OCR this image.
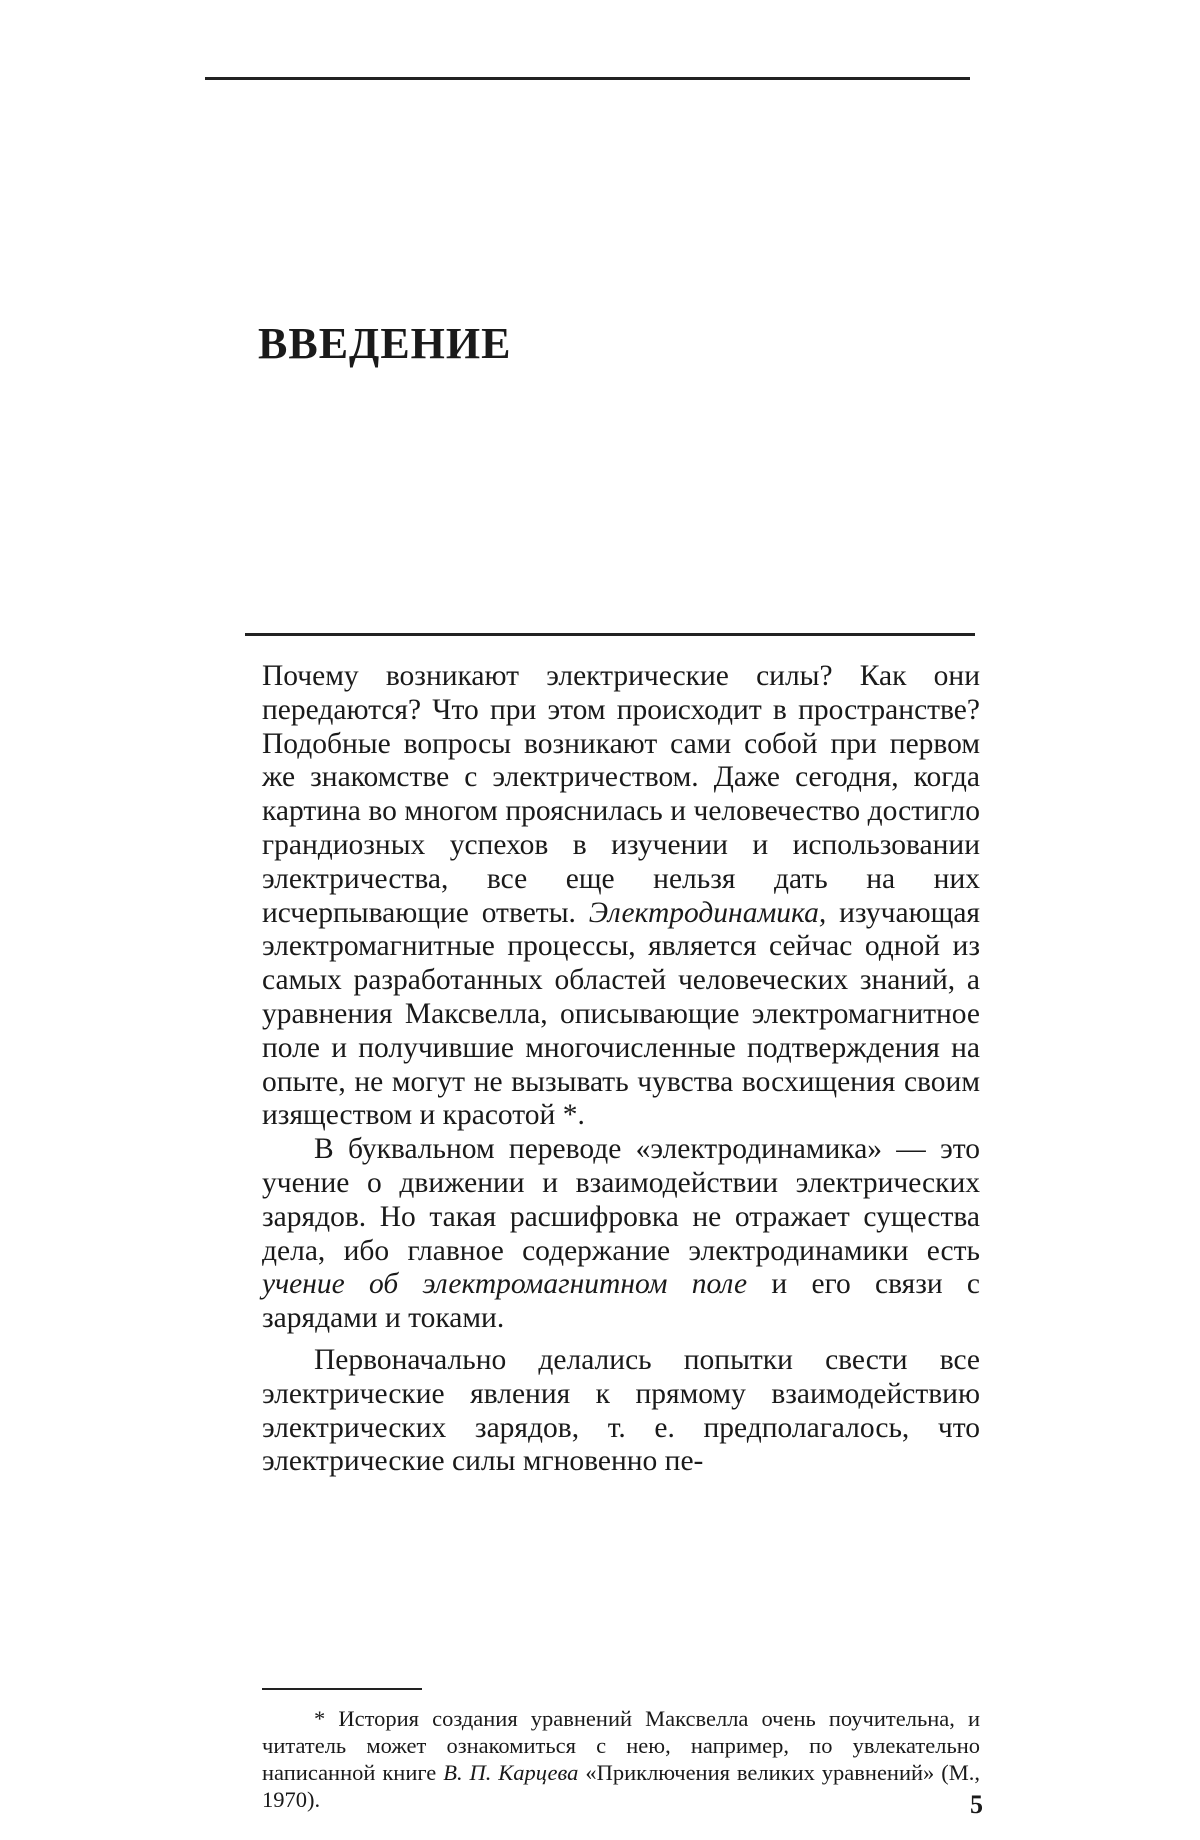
ВВЕДЕНИЕ

Почему возникают электрические силы? Как они передаются? Что при этом происходит в пространстве? Подобные вопросы возникают сами собой при первом же знакомстве с электричеством. Даже сегодня, когда картина во многом прояснилась и человечество достигло грандиозных успехов в изучении и использовании электричества, все еще нельзя дать на них исчерпывающие ответы. Электродинамика, изучающая электромагнитные процессы, является сейчас одной из самых разработанных областей человеческих знаний, а уравнения Максвелла, описывающие электромагнитное поле и получившие многочисленные подтверждения на опыте, не могут не вызывать чувства восхищения своим изяществом и красотой *.

В буквальном переводе «электродинамика» — это учение о движении и взаимодействии электрических зарядов. Но такая расшифровка не отражает существа дела, ибо главное содержание электродинамики есть учение об электромагнитном поле и его связи с зарядами и токами.

Первоначально делались попытки свести все электрические явления к прямому взаимодействию электрических зарядов, т. е. предполагалось, что электрические силы мгновенно пе-

* История создания уравнений Максвелла очень поучительна, и читатель может ознакомиться с нею, например, по увлекательно написанной книге В. П. Карцева «Приключения великих уравнений» (М., 1970).	5
